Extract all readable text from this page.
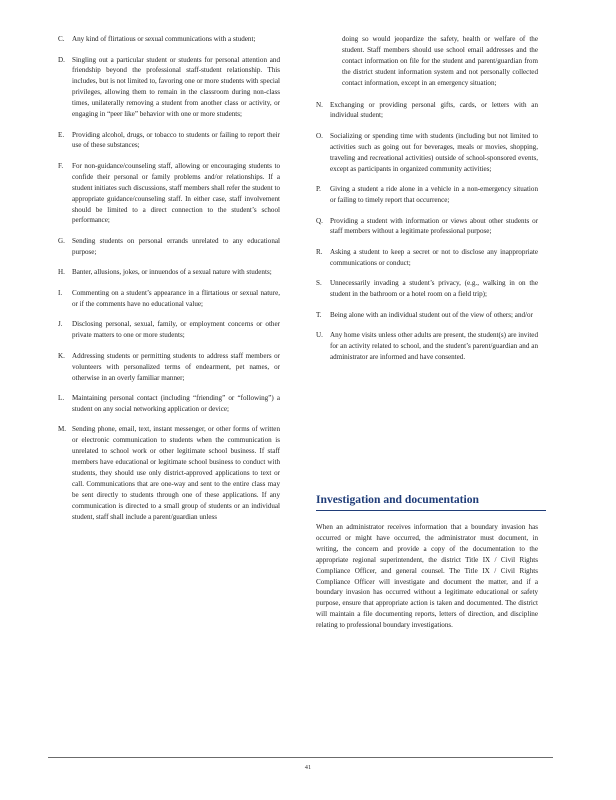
C.	Any kind of flirtatious or sexual communications with a student;
D. Singling out a particular student or students for personal attention and friendship beyond the professional staff-student relationship. This includes, but is not limited to, favoring one or more students with special privileges, allowing them to remain in the classroom during non-class times, unilaterally removing a student from another class or activity, or engaging in “peer like” behavior with one or more students;
E.	Providing alcohol, drugs, or tobacco to students or failing to report their use of these substances;
F.	For non-guidance/counseling staff, allowing or encouraging students to confide their personal or family problems and/or relationships. If a student initiates such discussions, staff members shall refer the student to appropriate guidance/counseling staff. In either case, staff involvement should be limited to a direct connection to the student’s school performance;
G. Sending students on personal errands unrelated to any educational purpose;
H. Banter, allusions, jokes, or innuendos of a sexual nature with students;
I.	Commenting on a student’s appearance in a flirtatious or sexual nature, or if the comments have no educational value;
J.	Disclosing personal, sexual, family, or employment concerns or other private matters to one or more students;
K. Addressing students or permitting students to address staff members or volunteers with personalized terms of endearment, pet names, or otherwise in an overly familiar manner;
L.	Maintaining personal contact (including “friending” or “following”) a student on any social networking application or device;
M. Sending phone, email, text, instant messenger, or other forms of written or electronic communication to students when the communication is unrelated to school work or other legitimate school business. If staff members have educational or legitimate school business to conduct with students, they should use only district-approved applications to text or call. Communications that are one-way and sent to the entire class may be sent directly to students through one of these applications. If any communication is directed to a small group of students or an individual student, staff shall include a parent/guardian unless
doing so would jeopardize the safety, health or welfare of the student. Staff members should use school email addresses and the contact information on file for the student and parent/guardian from the district student information system and not personally collected contact information, except in an emergency situation;
N. Exchanging or providing personal gifts, cards, or letters with an individual student;
O. Socializing or spending time with students (including but not limited to activities such as going out for beverages, meals or movies, shopping, traveling and recreational activities) outside of school-sponsored events, except as participants in organized community activities;
P.	Giving a student a ride alone in a vehicle in a non-emergency situation or failing to timely report that occurrence;
Q. Providing a student with information or views about other students or staff members without a legitimate professional purpose;
R.	Asking a student to keep a secret or not to disclose any inappropriate communications or conduct;
S.	Unnecessarily invading a student’s privacy, (e.g., walking in on the student in the bathroom or a hotel room on a field trip);
T.	Being alone with an individual student out of the view of others; and/or
U. Any home visits unless other adults are present, the student(s) are invited for an activity related to school, and the student’s parent/guardian and an administrator are informed and have consented.
Investigation and documentation

When an administrator receives information that a boundary invasion has occurred or might have occurred, the administrator must document, in writing, the concern and provide a copy of the documentation to the appropriate regional superintendent, the district Title IX / Civil Rights Compliance Officer, and general counsel. The Title IX / Civil Rights Compliance Officer will investigate and document the matter, and if a boundary invasion has occurred without a legitimate educational or safety purpose, ensure that appropriate action is taken and documented. The district will maintain a file documenting reports, letters of direction, and discipline relating to professional boundary investigations.

41
